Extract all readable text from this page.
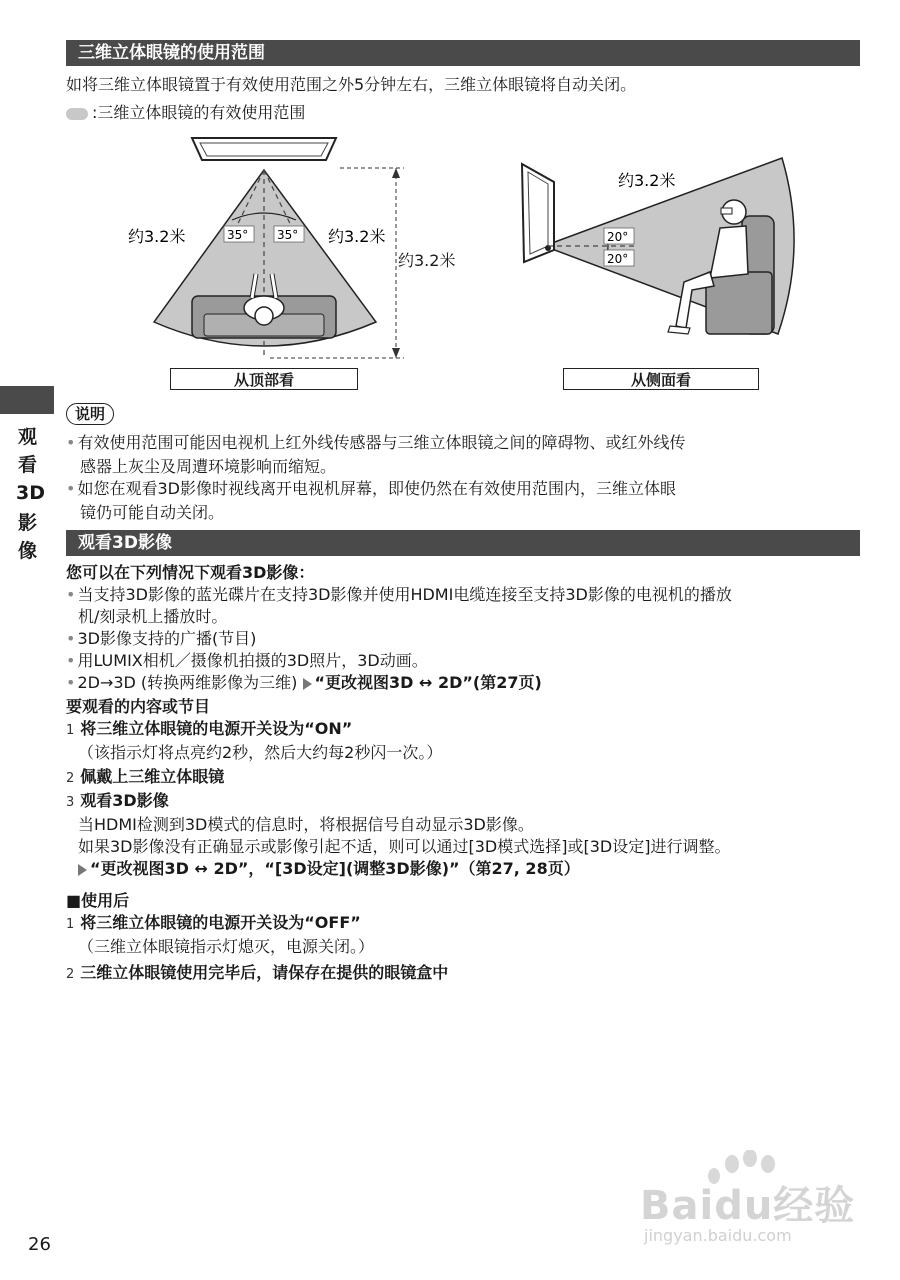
三维立体眼镜的使用范围
如将三维立体眼镜置于有效使用范围之外5分钟左右，三维立体眼镜将自动关闭。
:三维立体眼镜的有效使用范围
35° 35°
约3.2米	约3.2米
约3.2米
从顶部看
20°
20°
约3.2米
从侧面看
观
看
3D
影
像
说明
• 有效使用范围可能因电视机上红外线传感器与三维立体眼镜之间的障碍物、或红外线传
感器上灰尘及周遭环境影响而缩短。
• 如您在观看3D影像时视线离开电视机屏幕，即使仍然在有效使用范围内，三维立体眼
镜仍可能自动关闭。
观看3D影像
您可以在下列情况下观看3D影像：
• 当支持3D影像的蓝光碟片在支持3D影像并使用HDMI电缆连接至支持3D影像的电视机的播放
机/刻录机上播放时。
• 3D影像支持的广播(节目)
• 用LUMIX相机／摄像机拍摄的3D照片，3D动画。
• 2D→3D (转换两维影像为三维) “更改视图3D ↔ 2D”(第27页)
要观看的内容或节目
1 将三维立体眼镜的电源开关设为“ON”
（该指示灯将点亮约2秒，然后大约每2秒闪一次。）
2 佩戴上三维立体眼镜
3 观看3D影像
当HDMI检测到3D模式的信息时，将根据信号自动显示3D影像。
如果3D影像没有正确显示或影像引起不适，则可以通过[3D模式选择]或[3D设定]进行调整。
“更改视图3D ↔ 2D”，“[3D设定](调整3D影像)”（第27, 28页）
■使用后
1 将三维立体眼镜的电源开关设为“OFF”
（三维立体眼镜指示灯熄灭，电源关闭。）
2 三维立体眼镜使用完毕后，请保存在提供的眼镜盒中
26
Baidu经验
jingyan.baidu.com
